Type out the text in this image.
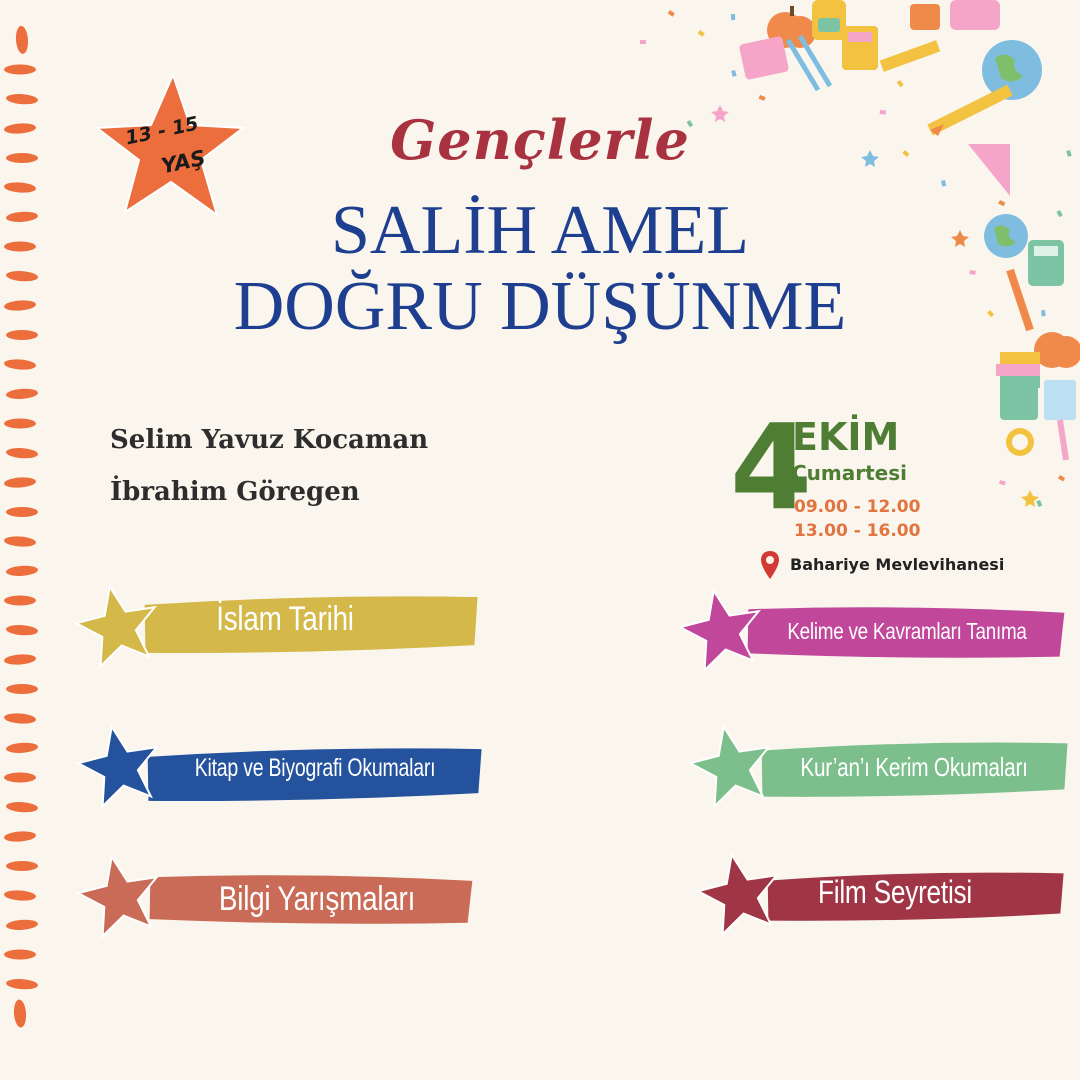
13 - 15
YAŞ	Gençlerle
SALİH AMEL
DOĞRU DÜŞÜNME
Selim Yavuz Kocaman
İbrahim Göregen	4
EKİM
Cumartesi
09.00 - 12.00
13.00 - 16.00
Bahariye Mevlevihanesi
İslam Tarihi	Kelime ve Kavramları Tanıma
Kitap ve Biyografi Okumaları	Kur’an’ı Kerim Okumaları
Bilgi Yarışmaları	Film Seyretisi
